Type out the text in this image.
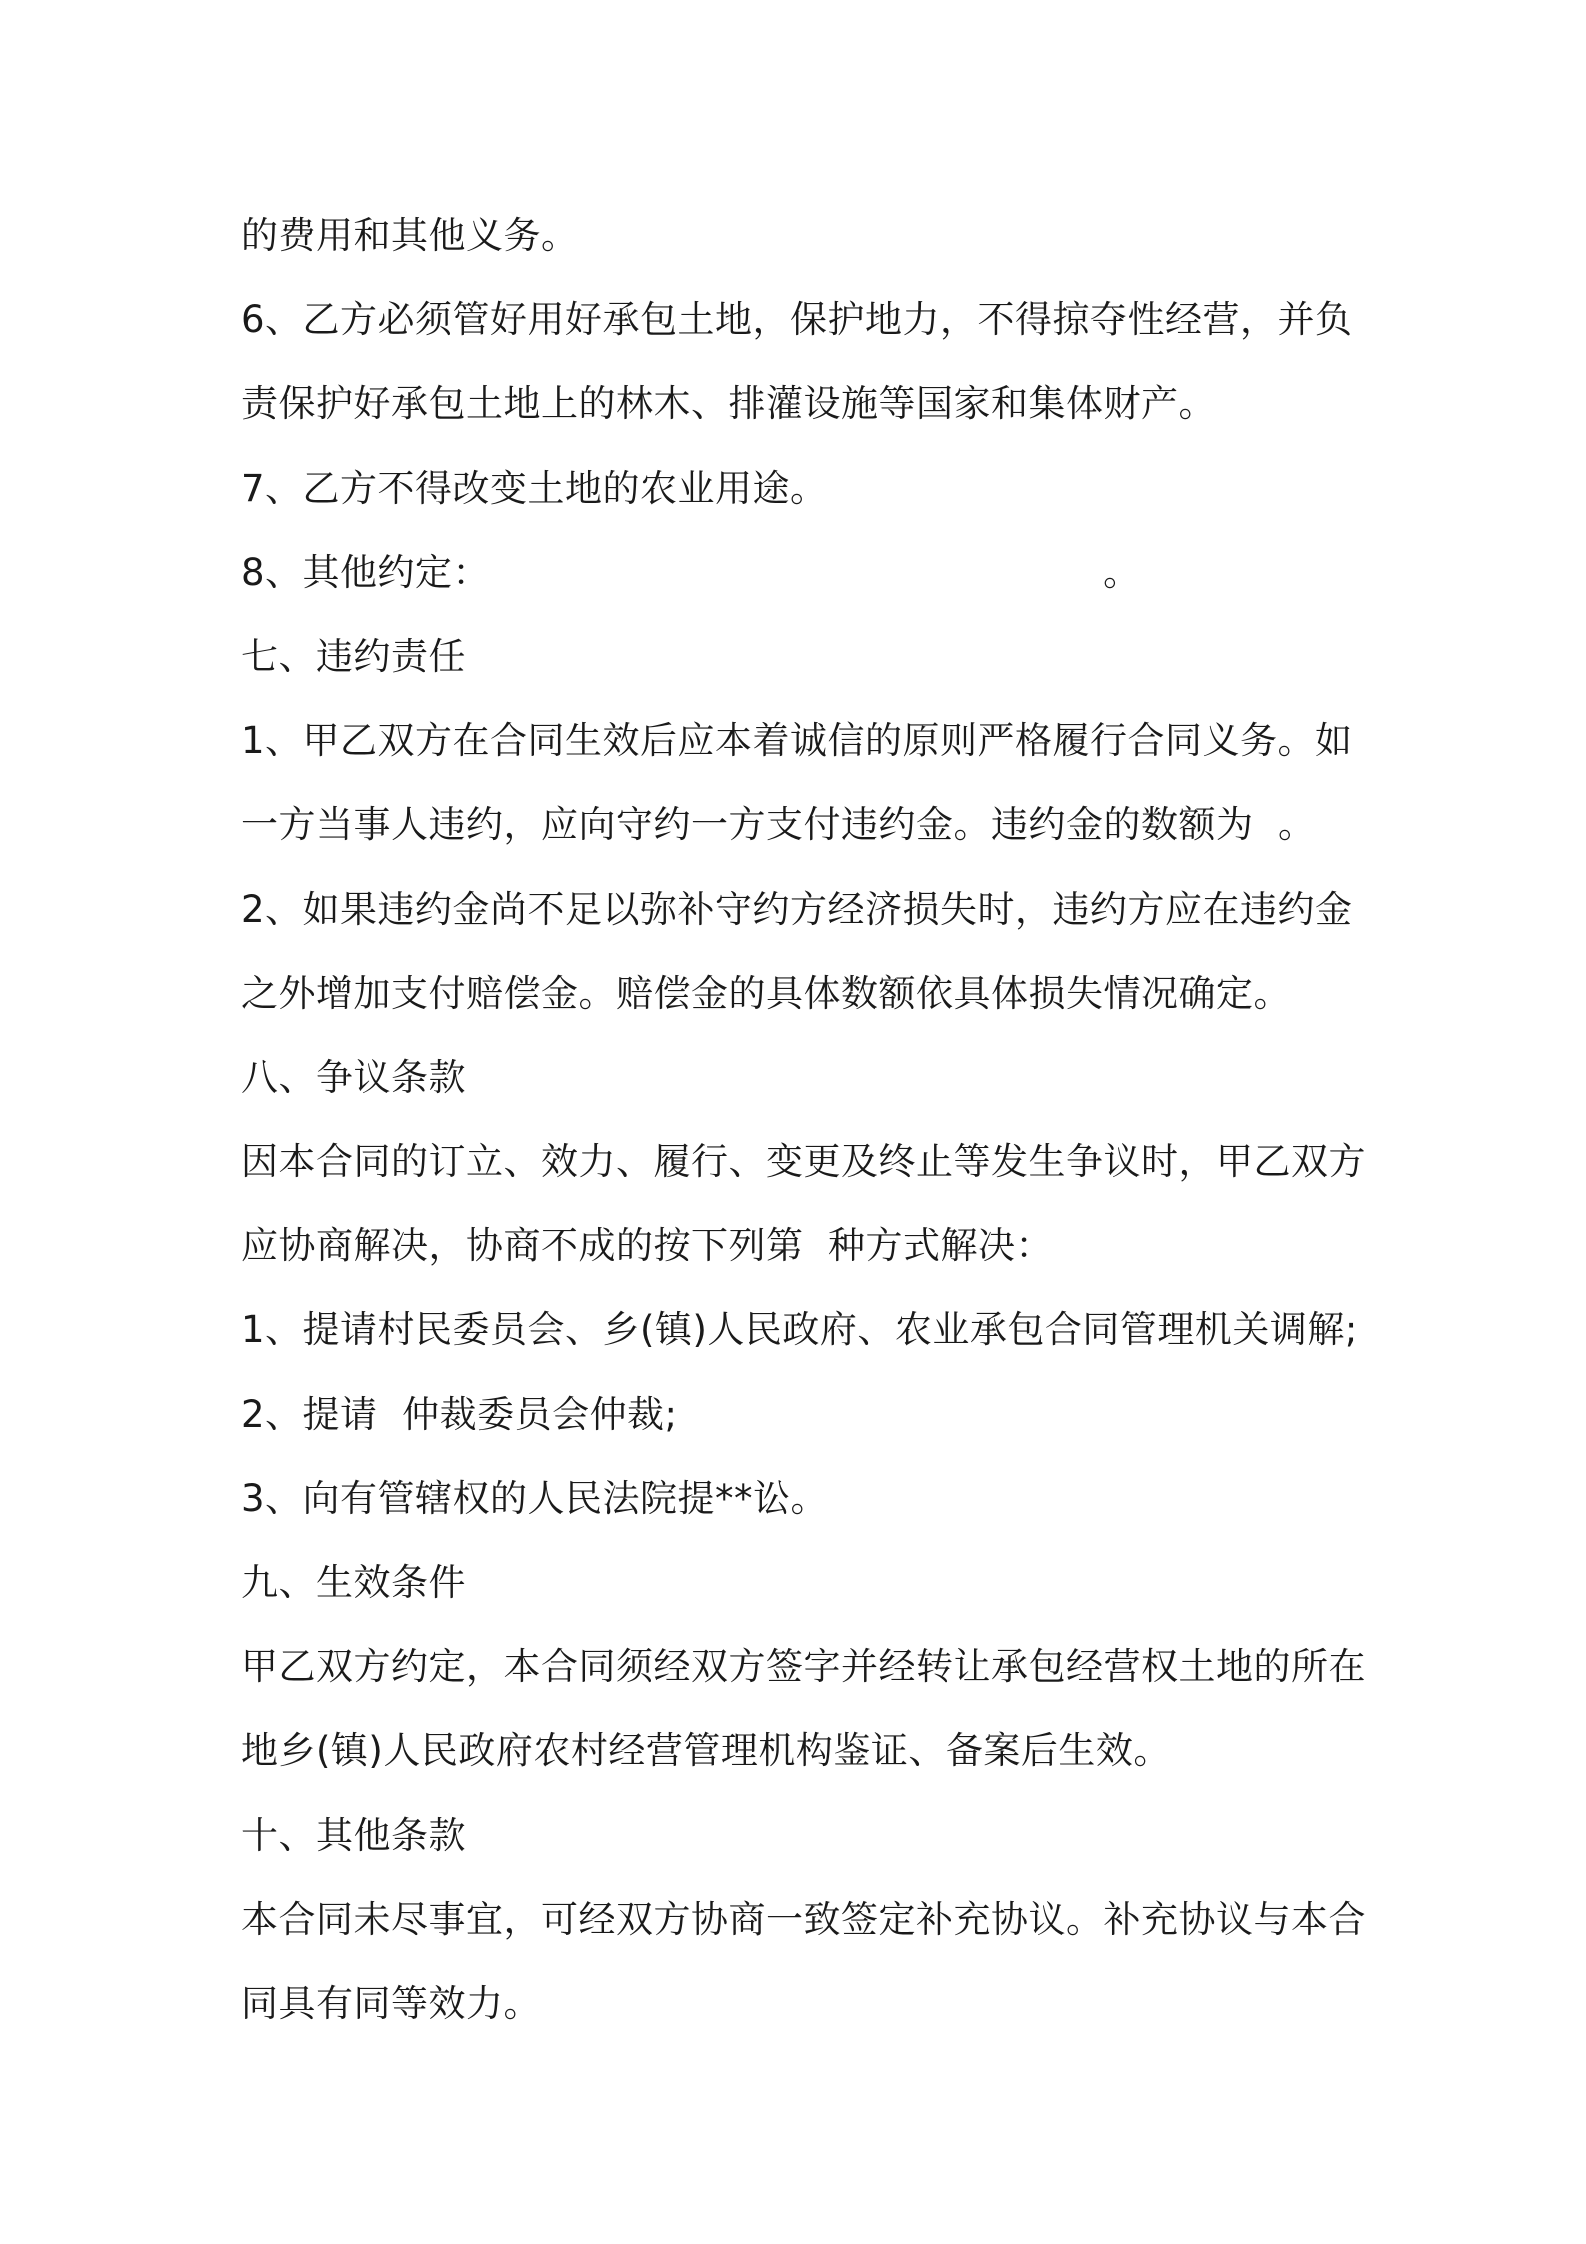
的费用和其他义务。
6、乙方必须管好用好承包土地，保护地力，不得掠夺性经营，并负
责保护好承包土地上的林木、排灌设施等国家和集体财产。
7、乙方不得改变土地的农业用途。
8、其他约定：                                                  。
七、违约责任
1、甲乙双方在合同生效后应本着诚信的原则严格履行合同义务。如
一方当事人违约，应向守约一方支付违约金。违约金的数额为  。
2、如果违约金尚不足以弥补守约方经济损失时，违约方应在违约金
之外增加支付赔偿金。赔偿金的具体数额依具体损失情况确定。
八、争议条款
因本合同的订立、效力、履行、变更及终止等发生争议时，甲乙双方
应协商解决，协商不成的按下列第  种方式解决：
1、提请村民委员会、乡(镇)人民政府、农业承包合同管理机关调解;
2、提请  仲裁委员会仲裁;
3、向有管辖权的人民法院提**讼。
九、生效条件
甲乙双方约定，本合同须经双方签字并经转让承包经营权土地的所在
地乡(镇)人民政府农村经营管理机构鉴证、备案后生效。
十、其他条款
本合同未尽事宜，可经双方协商一致签定补充协议。补充协议与本合
同具有同等效力。
